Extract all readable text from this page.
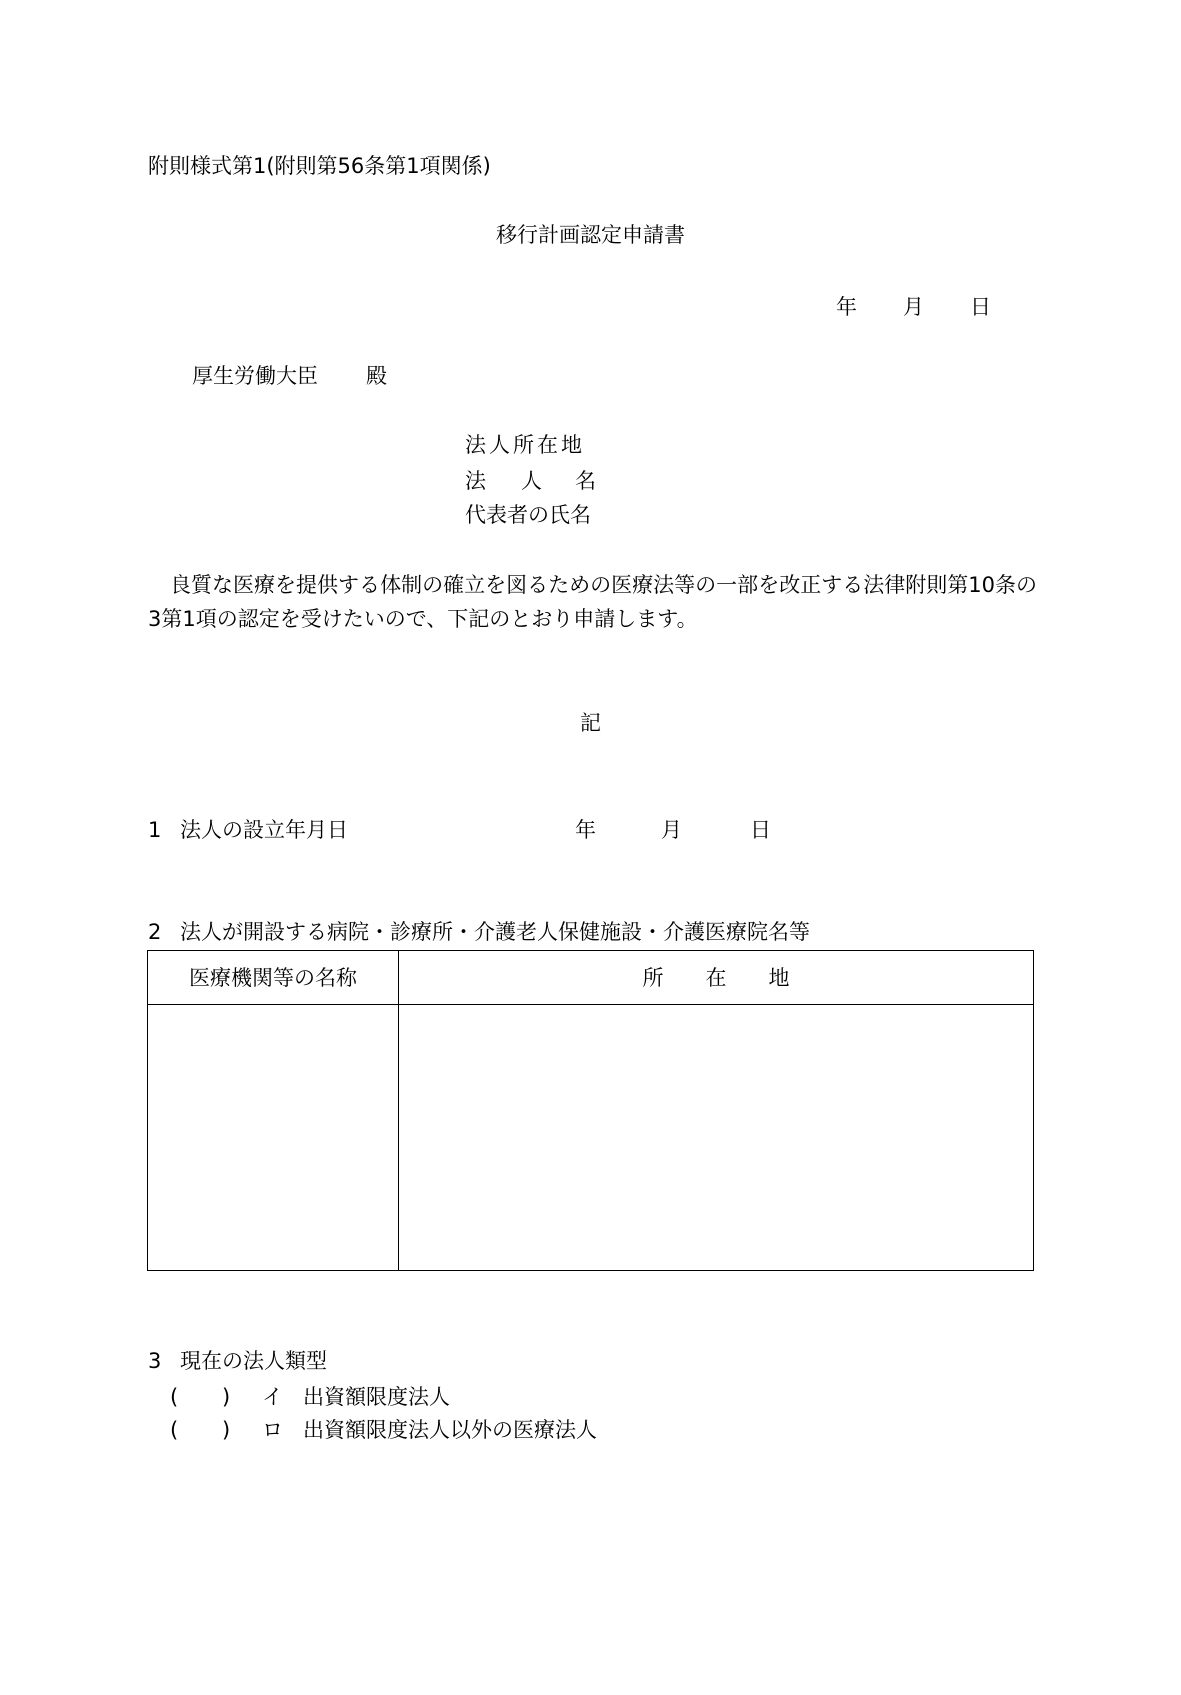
附則様式第1(附則第56条第1項関係)
移行計画認定申請書
年 月 日
厚生労働大臣 殿
法人所在地
法 人 名
代表者の氏名
良質な医療を提供する体制の確立を図るための医療法等の一部を改正する法律附則第10条の3第1項の認定を受けたいので、下記のとおり申請します。
記
1 法人の設立年月日	年	月	日
2 法人が開設する病院・診療所・介護老人保健施設・介護医療院名等
医療機関等の名称	所　　在　　地

3 現在の法人類型
( ) イ 出資額限度法人
( ) ロ 出資額限度法人以外の医療法人
